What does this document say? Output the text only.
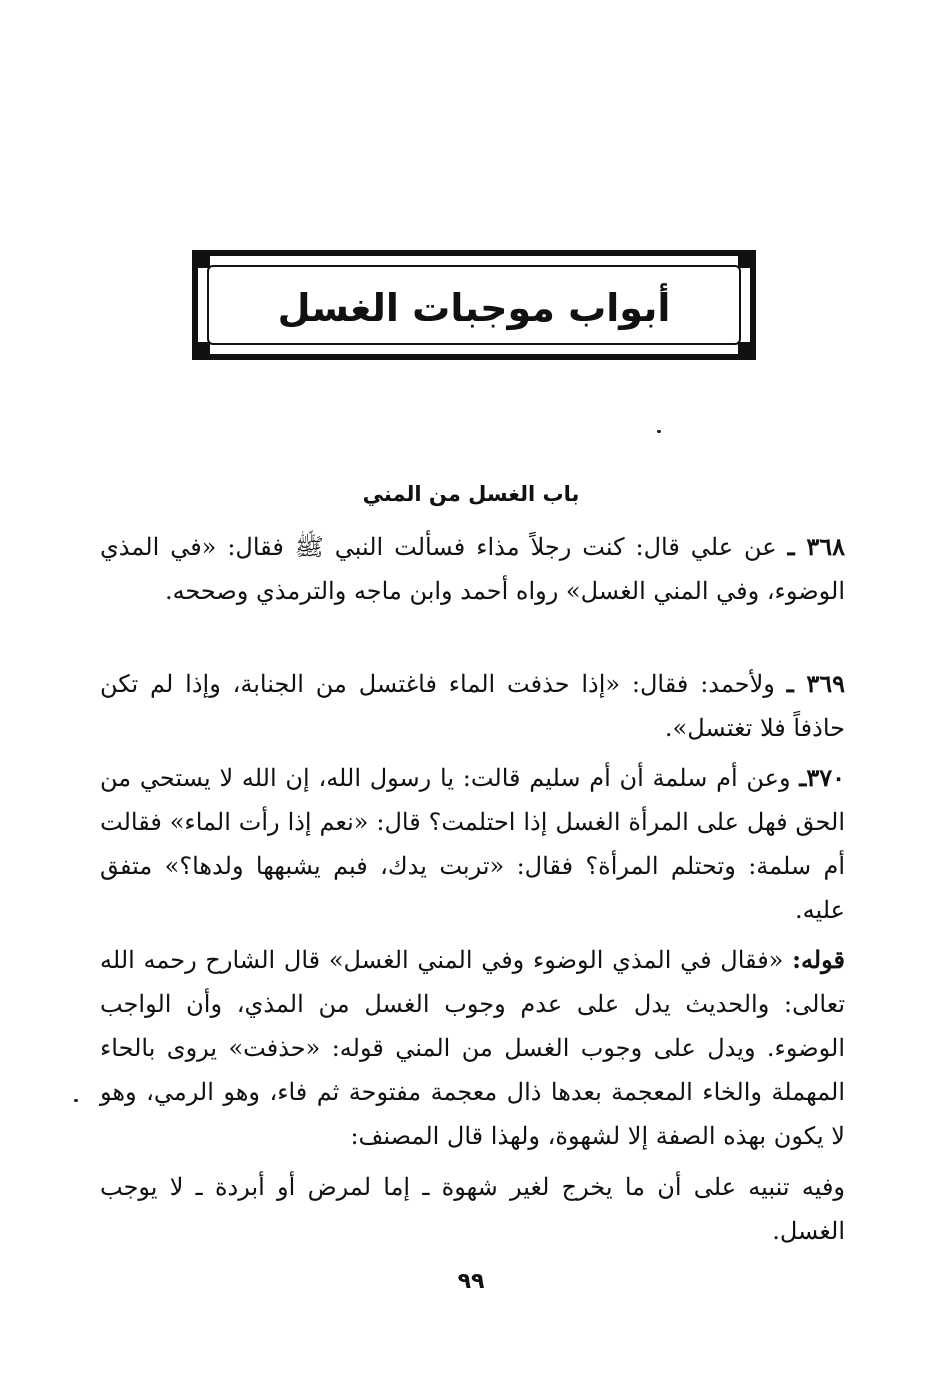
أبواب موجبات الغسل
باب الغسل من المني

٣٦٨ ـ عن علي قال: كنت رجلاً مذاء فسألت النبي ﷺ فقال: «في المذي الوضوء، وفي المني الغسل» رواه أحمد وابن ماجه والترمذي وصححه.

٣٦٩ ـ ولأحمد: فقال: «إذا حذفت الماء فاغتسل من الجنابة، وإذا لم تكن حاذفاً فلا تغتسل».

٣٧٠ـ وعن أم سلمة أن أم سليم قالت: يا رسول الله، إن الله لا يستحي من الحق فهل على المرأة الغسل إذا احتلمت؟ قال: «نعم إذا رأت الماء» فقالت أم سلمة: وتحتلم المرأة؟ فقال: «تربت يدك، فبم يشبهها ولدها؟» متفق عليه.

قوله: «فقال في المذي الوضوء وفي المني الغسل» قال الشارح رحمه الله تعالى: والحديث يدل على عدم وجوب الغسل من المذي، وأن الواجب الوضوء. ويدل على وجوب الغسل من المني قوله: «حذفت» يروى بالحاء المهملة والخاء المعجمة بعدها ذال معجمة مفتوحة ثم فاء، وهو الرمي، وهو لا يكون بهذه الصفة إلا لشهوة، ولهذا قال المصنف:

وفيه تنبيه على أن ما يخرج لغير شهوة ـ إما لمرض أو أبردة ـ لا يوجب الغسل.

٩٩
